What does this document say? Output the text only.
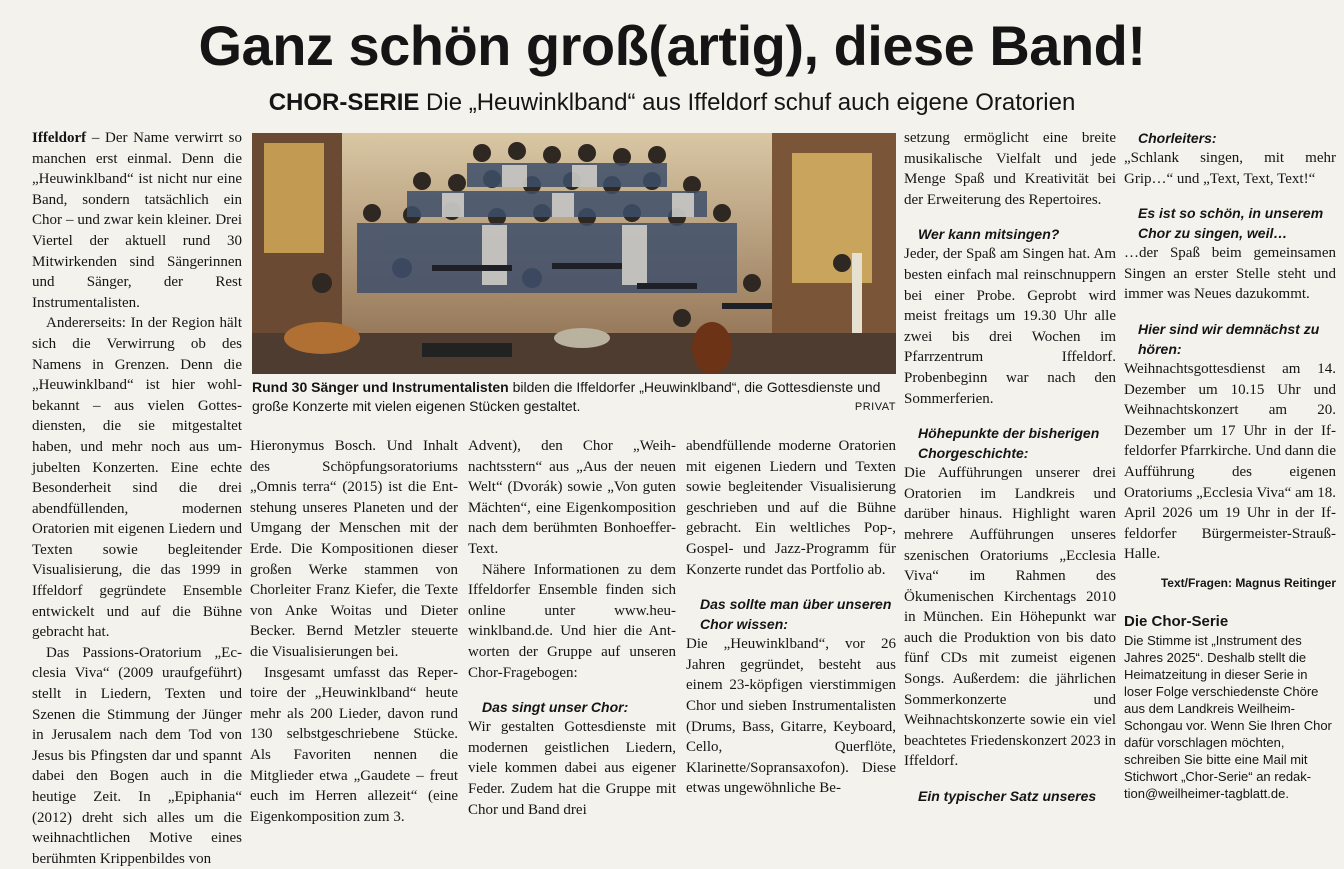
Ganz schön groß(artig), diese Band!
CHOR-SERIE Die „Heuwinklband“ aus Iffeldorf schuf auch eigene Oratorien

Iffeldorf – Der Name verwirrt so manchen erst einmal. Denn die „Heuwinklband“ ist nicht nur eine Band, sondern tatsächlich ein Chor – und zwar kein kleiner. Drei Viertel der aktuell rund 30 Mitwirkenden sind Sängerinnen und Sänger, der Rest Instrumentalisten.

Andererseits: In der Region hält sich die Verwirrung ob des Namens in Grenzen. Denn die „Heuwinklband“ ist hier wohlbekannt – aus vielen Gottesdiensten, die sie mitgestaltet haben, und mehr noch aus umjubelten Konzerten. Eine echte Besonderheit sind die drei abendfüllenden, modernen Oratorien mit eigenen Liedern und Texten sowie begleitender Visualisierung, die das 1999 in Iffeldorf gegründete Ensemble entwickelt und auf die Bühne gebracht hat.

Das Passions-Oratorium „Ecclesia Viva“ (2009 uraufgeführt) stellt in Liedern, Texten und Szenen die Stimmung der Jünger in Jerusalem nach dem Tod von Jesus bis Pfingsten dar und spannt dabei den Bogen auch in die heutige Zeit. In „Epiphania“ (2012) dreht sich alles um die weihnachtlichen Motive eines berühmten Krippenbildes von

Rund 30 Sänger und Instrumentalisten bilden die Iffeldorfer „Heuwinklband“, die Gottesdienste und große Konzerte mit vielen eigenen Stücken gestaltet.	PRIVAT

Hieronymus Bosch. Und Inhalt des Schöpfungsoratoriums „Omnis terra“ (2015) ist die Entstehung unseres Planeten und der Umgang der Menschen mit der Erde. Die Kompositionen dieser großen Werke stammen von Chorleiter Franz Kiefer, die Texte von Anke Woitas und Dieter Becker. Bernd Metzler steuerte die Visualisierungen bei.

Insgesamt umfasst das Repertoire der „Heuwinklband“ heute mehr als 200 Lieder, davon rund 130 selbstgeschriebene Stücke. Als Favoriten nennen die Mitglieder etwa „Gaudete – freut euch im Herren allezeit“ (eine Eigenkomposition zum 3.

Advent), den Chor „Weihnachtsstern“ aus „Aus der neuen Welt“ (Dvorák) sowie „Von guten Mächten“, eine Eigenkomposition nach dem berühmten Bonhoeffer-Text.

Nähere Informationen zu dem Iffeldorfer Ensemble finden sich online unter www.heuwinklband.de. Und hier die Antworten der Gruppe auf unseren Chor-Fragebogen:

Das singt unser Chor:

Wir gestalten Gottesdienste mit modernen geistlichen Liedern, viele kommen dabei aus eigener Feder. Zudem hat die Gruppe mit Chor und Band drei

abendfüllende moderne Oratorien mit eigenen Liedern und Texten sowie begleitender Visualisierung geschrieben und auf die Bühne gebracht. Ein weltliches Pop-, Gospel- und Jazz-Programm für Konzerte rundet das Portfolio ab.

Das sollte man über unseren Chor wissen:

Die „Heuwinklband“, vor 26 Jahren gegründet, besteht aus einem 23-köpfigen vierstimmigen Chor und sieben Instrumentalisten (Drums, Bass, Gitarre, Keyboard, Cello, Querflöte, Klarinette/Sopransaxofon). Diese etwas ungewöhnliche Be-

setzung ermöglicht eine breite musikalische Vielfalt und jede Menge Spaß und Kreativität bei der Erweiterung des Repertoires.

Wer kann mitsingen?

Jeder, der Spaß am Singen hat. Am besten einfach mal reinschnuppern bei einer Probe. Geprobt wird meist freitags um 19.30 Uhr alle zwei bis drei Wochen im Pfarrzentrum Iffeldorf. Probenbeginn war nach den Sommerferien.

Höhepunkte der bisherigen Chorgeschichte:

Die Aufführungen unserer drei Oratorien im Landkreis und darüber hinaus. Highlight waren mehrere Aufführungen unseres szenischen Oratoriums „Ecclesia Viva“ im Rahmen des Ökumenischen Kirchentags 2010 in München. Ein Höhepunkt war auch die Produktion von bis dato fünf CDs mit zumeist eigenen Songs. Außerdem: die jährlichen Sommerkonzerte und Weihnachtskonzerte sowie ein viel beachtetes Friedenskonzert 2023 in Iffeldorf.

Ein typischer Satz unseres
Chorleiters:

„Schlank singen, mit mehr Grip…“ und „Text, Text, Text!“

Es ist so schön, in unserem Chor zu singen, weil…

…der Spaß beim gemeinsamen Singen an erster Stelle steht und immer was Neues dazukommt.

Hier sind wir demnächst zu hören:

Weihnachtsgottesdienst am 14. Dezember um 10.15 Uhr und Weihnachtskonzert am 20. Dezember um 17 Uhr in der Iffeldorfer Pfarrkirche. Und dann die Aufführung des eigenen Oratoriums „Ecclesia Viva“ am 18. April 2026 um 19 Uhr in der Iffeldorfer Bürgermeister-Strauß-Halle.

Text/Fragen: Magnus Reitinger
Die Chor-Serie
Die Stimme ist „Instrument des Jahres 2025“. Deshalb stellt die Heimatzeitung in dieser Serie in loser Folge verschiedenste Chöre aus dem Landkreis Weilheim-Schongau vor. Wenn Sie Ihren Chor dafür vorschlagen möchten, schreiben Sie bitte eine Mail mit Stichwort „Chor-Serie“ an redaktion@weilheimer-tagblatt.de.
